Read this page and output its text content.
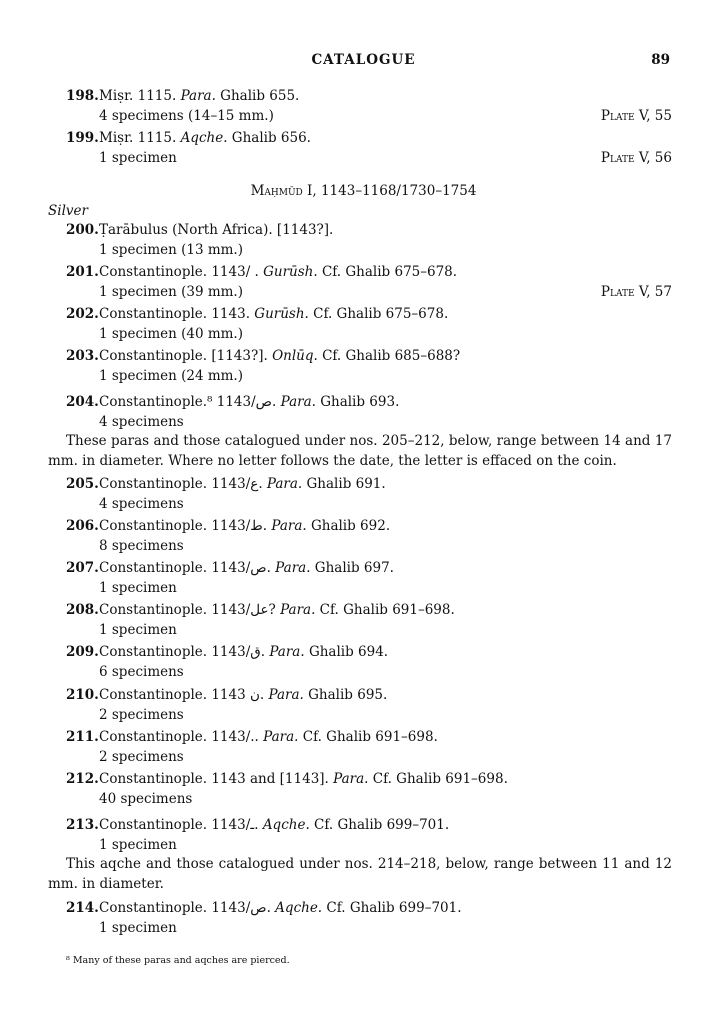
CATALOGUE	89
198.Miṣr. 1115. Para. Ghalib 655.
4 specimens (14–15 mm.)	Plate V, 55
199.Miṣr. 1115. Aqche. Ghalib 656.
1 specimen	Plate V, 56
Maḥmūd I, 1143–1168/1730–1754
Silver
200.Ṭarābulus (North Africa). [1143?].
1 specimen (13 mm.)
201.Constantinople. 1143/ . Gurūsh. Cf. Ghalib 675–678.
1 specimen (39 mm.)	Plate V, 57
202.Constantinople. 1143. Gurūsh. Cf. Ghalib 675–678.
1 specimen (40 mm.)
203.Constantinople. [1143?]. Onlūq. Cf. Ghalib 685–688?
1 specimen (24 mm.)
204.Constantinople.⁸ 1143/ص. Para. Ghalib 693.
4 specimens
These paras and those catalogued under nos. 205–212, below, range between 14 and 17 mm. in diameter. Where no letter follows the date, the letter is effaced on the coin.
205.Constantinople. 1143/ع. Para. Ghalib 691.
4 specimens
206.Constantinople. 1143/ط. Para. Ghalib 692.
8 specimens
207.Constantinople. 1143/ص. Para. Ghalib 697.
1 specimen
208.Constantinople. 1143/عل? Para. Cf. Ghalib 691–698.
1 specimen
209.Constantinople. 1143/ق. Para. Ghalib 694.
6 specimens
210.Constantinople. 1143 ن. Para. Ghalib 695.
2 specimens
211.Constantinople. 1143/.. Para. Cf. Ghalib 691–698.
2 specimens
212.Constantinople. 1143 and [1143]. Para. Cf. Ghalib 691–698.
40 specimens
213.Constantinople. 1143/ـ. Aqche. Cf. Ghalib 699–701.
1 specimen
This aqche and those catalogued under nos. 214–218, below, range between 11 and 12 mm. in diameter.
214.Constantinople. 1143/ص. Aqche. Cf. Ghalib 699–701.
1 specimen
⁸ Many of these paras and aqches are pierced.
